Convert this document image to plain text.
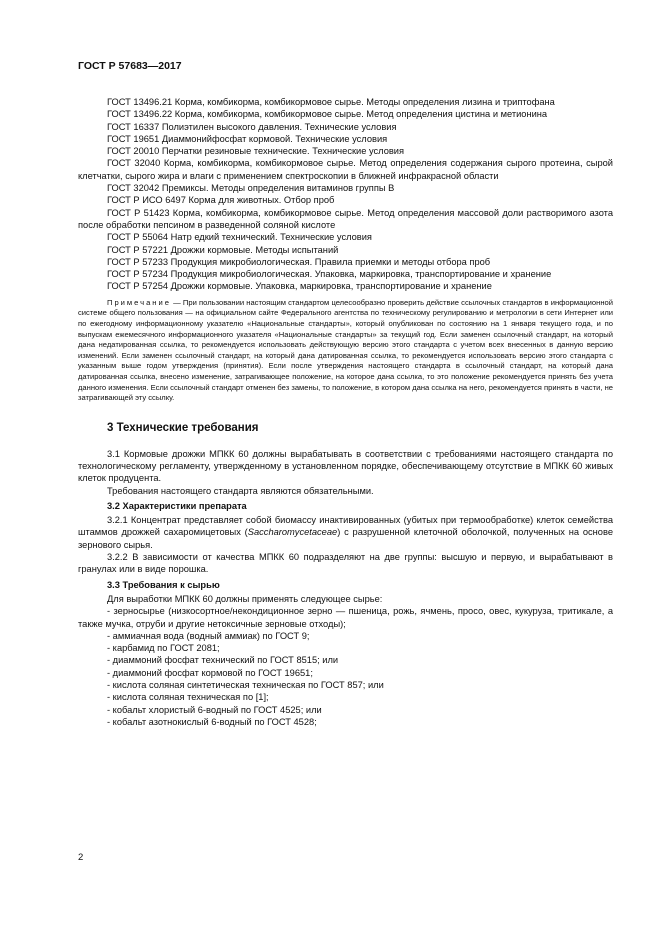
ГОСТ Р 57683—2017

ГОСТ 13496.21 Корма, комбикорма, комбикормовое сырье. Методы определения лизина и триптофана

ГОСТ 13496.22 Корма, комбикорма, комбикормовое сырье. Метод определения цистина и метионина

ГОСТ 16337 Полиэтилен высокого давления. Технические условия

ГОСТ 19651 Диаммонийфосфат кормовой. Технические условия

ГОСТ 20010 Перчатки резиновые технические. Технические условия

ГОСТ 32040 Корма, комбикорма, комбикормовое сырье. Метод определения содержания сырого протеина, сырой клетчатки, сырого жира и влаги с применением спектроскопии в ближней инфракрасной области

ГОСТ 32042 Премиксы. Методы определения витаминов группы В

ГОСТ Р ИСО 6497 Корма для животных. Отбор проб

ГОСТ Р 51423 Корма, комбикорма, комбикормовое сырье. Метод определения массовой доли растворимого азота после обработки пепсином в разведенной соляной кислоте

ГОСТ Р 55064 Натр едкий технический. Технические условия

ГОСТ Р 57221 Дрожжи кормовые. Методы испытаний

ГОСТ Р 57233 Продукция микробиологическая. Правила приемки и методы отбора проб

ГОСТ Р 57234 Продукция микробиологическая. Упаковка, маркировка, транспортирование и хранение

ГОСТ Р 57254 Дрожжи кормовые. Упаковка, маркировка, транспортирование и хранение

Примечание — При пользовании настоящим стандартом целесообразно проверить действие ссылочных стандартов в информационной системе общего пользования — на официальном сайте Федерального агентства по техническому регулированию и метрологии в сети Интернет или по ежегодному информационному указателю «Национальные стандарты», который опубликован по состоянию на 1 января текущего года, и по выпускам ежемесячного информационного указателя «Национальные стандарты» за текущий год. Если заменен ссылочный стандарт, на который дана недатированная ссылка, то рекомендуется использовать действующую версию этого стандарта с учетом всех внесенных в данную версию изменений. Если заменен ссылочный стандарт, на который дана датированная ссылка, то рекомендуется использовать версию этого стандарта с указанным выше годом утверждения (принятия). Если после утверждения настоящего стандарта в ссылочный стандарт, на который дана датированная ссылка, внесено изменение, затрагивающее положение, на которое дана ссылка, то это положение рекомендуется принять без учета данного изменения. Если ссылочный стандарт отменен без замены, то положение, в котором дана ссылка на него, рекомендуется принять в части, не затрагивающей эту ссылку.

3 Технические требования

3.1 Кормовые дрожжи МПКК 60 должны вырабатывать в соответствии с требованиями настоящего стандарта по технологическому регламенту, утвержденному в установленном порядке, обеспечивающему отсутствие в МПКК 60 живых клеток продуцента.

Требования настоящего стандарта являются обязательными.

3.2 Характеристики препарата

3.2.1 Концентрат представляет собой биомассу инактивированных (убитых при термообработке) клеток семейства штаммов дрожжей сахаромицетовых (Saccharomycetaceae) с разрушенной клеточной оболочкой, полученных на основе зернового сырья.

3.2.2 В зависимости от качества МПКК 60 подразделяют на две группы: высшую и первую, и вырабатывают в гранулах или в виде порошка.

3.3 Требования к сырью

Для выработки МПКК 60 должны применять следующее сырье:

- зерносырье (низкосортное/некондиционное зерно — пшеница, рожь, ячмень, просо, овес, кукуруза, тритикале, а также мучка, отруби и другие нетоксичные зерновые отходы);

- аммиачная вода (водный аммиак) по ГОСТ 9;

- карбамид по ГОСТ 2081;

- диаммоний фосфат технический по ГОСТ 8515; или

- диаммоний фосфат кормовой по ГОСТ 19651;

- кислота соляная синтетическая техническая по ГОСТ 857; или

- кислота соляная техническая по [1];

- кобальт хлористый 6-водный по ГОСТ 4525; или

- кобальт азотнокислый 6-водный по ГОСТ 4528;

2
